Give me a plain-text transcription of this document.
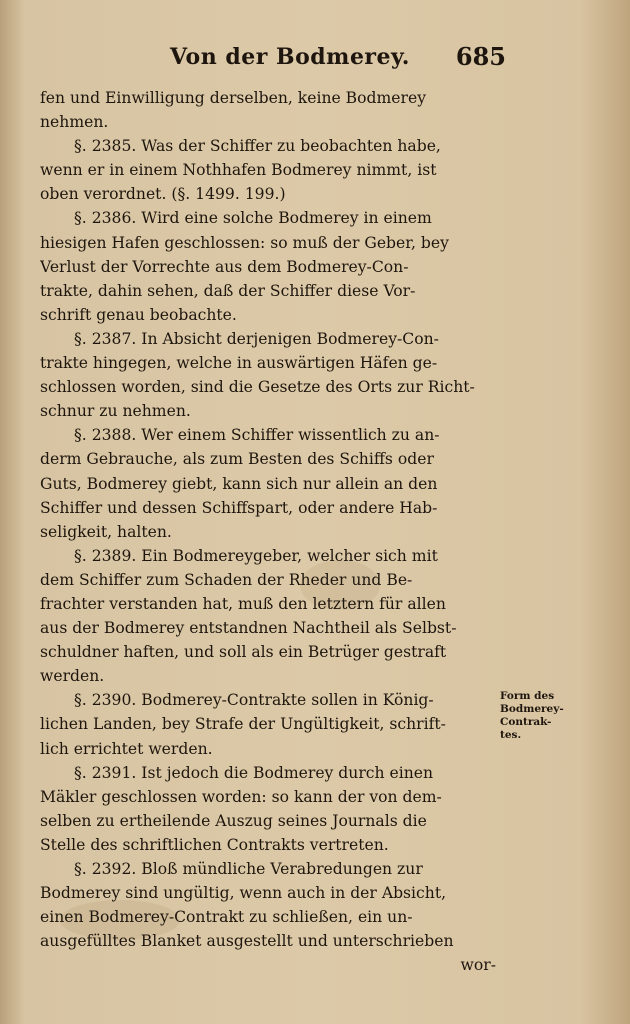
Von der Bodmerey. 685
fen und Einwilligung derselben, keine Bodmerey
nehmen.
§. 2385. Was der Schiffer zu beobachten habe,
wenn er in einem Nothhafen Bodmerey nimmt, ist
oben verordnet. (§. 1499. 199.)
§. 2386. Wird eine solche Bodmerey in einem
hiesigen Hafen geschlossen: so muß der Geber, bey
Verlust der Vorrechte aus dem Bodmerey-Con-
trakte, dahin sehen, daß der Schiffer diese Vor-
schrift genau beobachte.
§. 2387. In Absicht derjenigen Bodmerey-Con-
trakte hingegen, welche in auswärtigen Häfen ge-
schlossen worden, sind die Gesetze des Orts zur Richt-
schnur zu nehmen.
§. 2388. Wer einem Schiffer wissentlich zu an-
derm Gebrauche, als zum Besten des Schiffs oder
Guts, Bodmerey giebt, kann sich nur allein an den
Schiffer und dessen Schiffspart, oder andere Hab-
seligkeit, halten.
§. 2389. Ein Bodmereygeber, welcher sich mit
dem Schiffer zum Schaden der Rheder und Be-
frachter verstanden hat, muß den letztern für allen
aus der Bodmerey entstandnen Nachtheil als Selbst-
schuldner haften, und soll als ein Betrüger gestraft
werden.
§. 2390. Bodmerey-Contrakte sollen in König-
lichen Landen, bey Strafe der Ungültigkeit, schrift-
lich errichtet werden.
§. 2391. Ist jedoch die Bodmerey durch einen
Mäkler geschlossen worden: so kann der von dem-
selben zu ertheilende Auszug seines Journals die
Stelle des schriftlichen Contrakts vertreten.
§. 2392. Bloß mündliche Verabredungen zur
Bodmerey sind ungültig, wenn auch in der Absicht,
einen Bodmerey-Contrakt zu schließen, ein un-
ausgefülltes Blanket ausgestellt und unterschrieben
wor-
Form des
Bodmerey-
Contrak-
tes.
